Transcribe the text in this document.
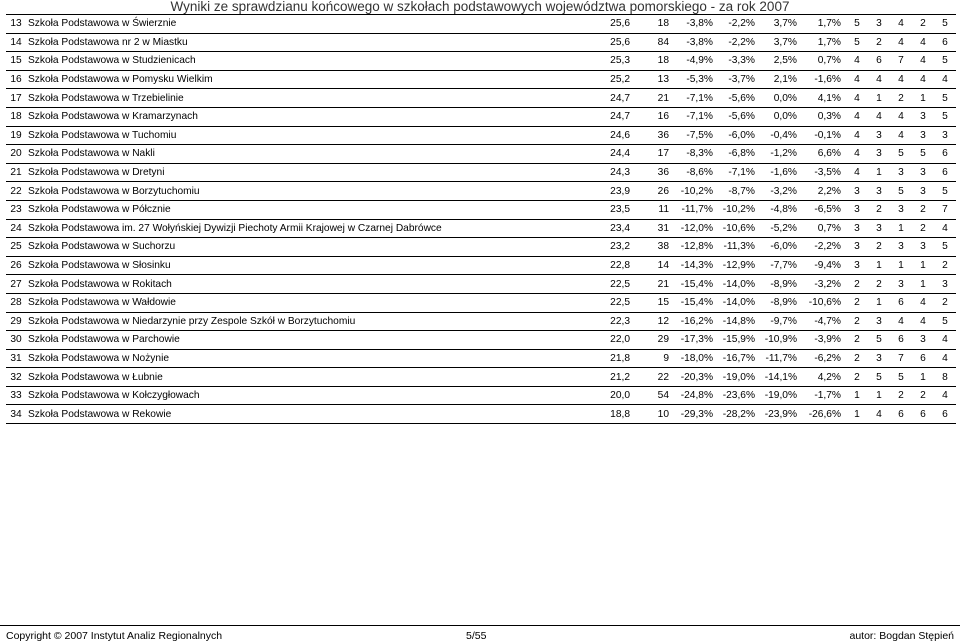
Wyniki ze sprawdzianu końcowego w szkołach podstawowych województwa pomorskiego - za rok 2007
13	Szkoła Podstawowa w Świerznie	25,6	18	-3,8%	-2,2%	3,7%	1,7%	5	3	4	2	5
14	Szkoła Podstawowa nr 2 w Miastku	25,6	84	-3,8%	-2,2%	3,7%	1,7%	5	2	4	4	6
15	Szkoła Podstawowa w Studzienicach	25,3	18	-4,9%	-3,3%	2,5%	0,7%	4	6	7	4	5
16	Szkoła Podstawowa w Pomysku Wielkim	25,2	13	-5,3%	-3,7%	2,1%	-1,6%	4	4	4	4	4
17	Szkoła Podstawowa w Trzebielinie	24,7	21	-7,1%	-5,6%	0,0%	4,1%	4	1	2	1	5
18	Szkoła Podstawowa w Kramarzynach	24,7	16	-7,1%	-5,6%	0,0%	0,3%	4	4	4	3	5
19	Szkoła Podstawowa w Tuchomiu	24,6	36	-7,5%	-6,0%	-0,4%	-0,1%	4	3	4	3	3
20	Szkoła Podstawowa w Nakli	24,4	17	-8,3%	-6,8%	-1,2%	6,6%	4	3	5	5	6
21	Szkoła Podstawowa w Dretyni	24,3	36	-8,6%	-7,1%	-1,6%	-3,5%	4	1	3	3	6
22	Szkoła Podstawowa w Borzytuchomiu	23,9	26	-10,2%	-8,7%	-3,2%	2,2%	3	3	5	3	5
23	Szkoła Podstawowa w Półcznie	23,5	11	-11,7%	-10,2%	-4,8%	-6,5%	3	2	3	2	7
24	Szkoła Podstawowa im. 27 Wołyńskiej Dywizji Piechoty Armii Krajowej w Czarnej Dabrówce	23,4	31	-12,0%	-10,6%	-5,2%	0,7%	3	3	1	2	4
25	Szkoła Podstawowa w Suchorzu	23,2	38	-12,8%	-11,3%	-6,0%	-2,2%	3	2	3	3	5
26	Szkoła Podstawowa w Słosinku	22,8	14	-14,3%	-12,9%	-7,7%	-9,4%	3	1	1	1	2
27	Szkoła Podstawowa w Rokitach	22,5	21	-15,4%	-14,0%	-8,9%	-3,2%	2	2	3	1	3
28	Szkoła Podstawowa w Wałdowie	22,5	15	-15,4%	-14,0%	-8,9%	-10,6%	2	1	6	4	2
29	Szkoła Podstawowa w Niedarzynie przy Zespole Szkół w Borzytuchomiu	22,3	12	-16,2%	-14,8%	-9,7%	-4,7%	2	3	4	4	5
30	Szkoła Podstawowa w Parchowie	22,0	29	-17,3%	-15,9%	-10,9%	-3,9%	2	5	6	3	4
31	Szkoła Podstawowa w Nożynie	21,8	9	-18,0%	-16,7%	-11,7%	-6,2%	2	3	7	6	4
32	Szkoła Podstawowa w Łubnie	21,2	22	-20,3%	-19,0%	-14,1%	4,2%	2	5	5	1	8
33	Szkoła Podstawowa w Kołczygłowach	20,0	54	-24,8%	-23,6%	-19,0%	-1,7%	1	1	2	2	4
34	Szkoła Podstawowa w Rekowie	18,8	10	-29,3%	-28,2%	-23,9%	-26,6%	1	4	6	6	6
Copyright © 2007 Instytut Analiz Regionalnych	5/55	autor: Bogdan Stępień
